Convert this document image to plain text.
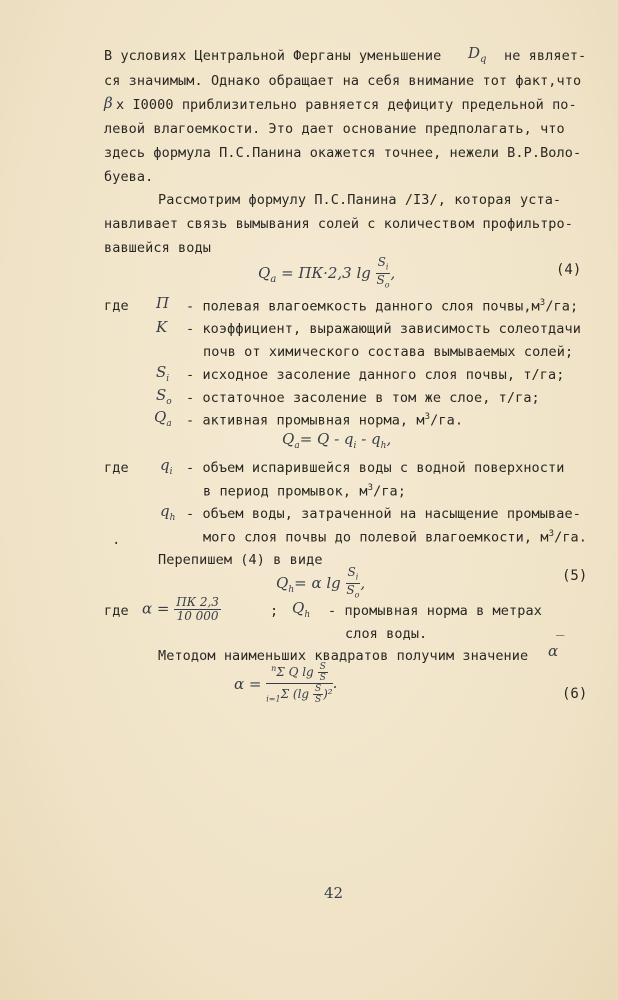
В условиях Центральной Ферганы уменьшение $D_q$ не являет-
ся значимым. Однако обращает на себя внимание тот факт,что
β x I0000 приблизительно равняется дефициту предельной по-
левой влагоемкости. Это дает основание предполагать, что
здесь формула П.С.Панина окажется точнее, нежели В.Р.Воло-
буева.
Рассмотрим формулу П.С.Панина /I3/, которая уста-
навливает связь вымывания солей с количеством профильтро-
вавшейся воды
$Q_a = ПК\cdot 2,3$ $\lg \frac{S_i}{S_o}$ ,	(4)
где П - полевая влагоемкость данного слоя $почвы,м^3/га$;
K - коэффициент, выражающий зависимость солеотдачи
почв от химического состава вымываемых солей;
$S_i$ - исходное засоление данного слоя почвы, т/га;
$S_o$ - остаточное засоление в том же слое, т/га;
$Q_a$ - активная промывная норма, $м^3/га$.
$Q_a= Q - q_i - q_h$,
где $q_i$ - объем испарившейся воды с водной поверхности
в период промывок, $м^3/га$;
$q_h$ - объем воды, затраченной на насыщение промывае-
мого слоя почвы до полевой влагоемкости, $м^3/га$.
·
Перепишем (4) в виде
$Q_h= \alpha$ $\lg \frac{S_i}{S_o}$ ,	(5)
где $\alpha = \frac{ПК 2,3}{10 000}$	; $Q_h$ - промывная норма в метрах
слоя воды.	_
Методом наименьших квадратов получим значение α
$\alpha = \frac{^n\Sigma Q \lg \frac{S}{S}}{_{i=1}\Sigma (\lg \frac{S}{S} )^2}$ .
(6)
42
